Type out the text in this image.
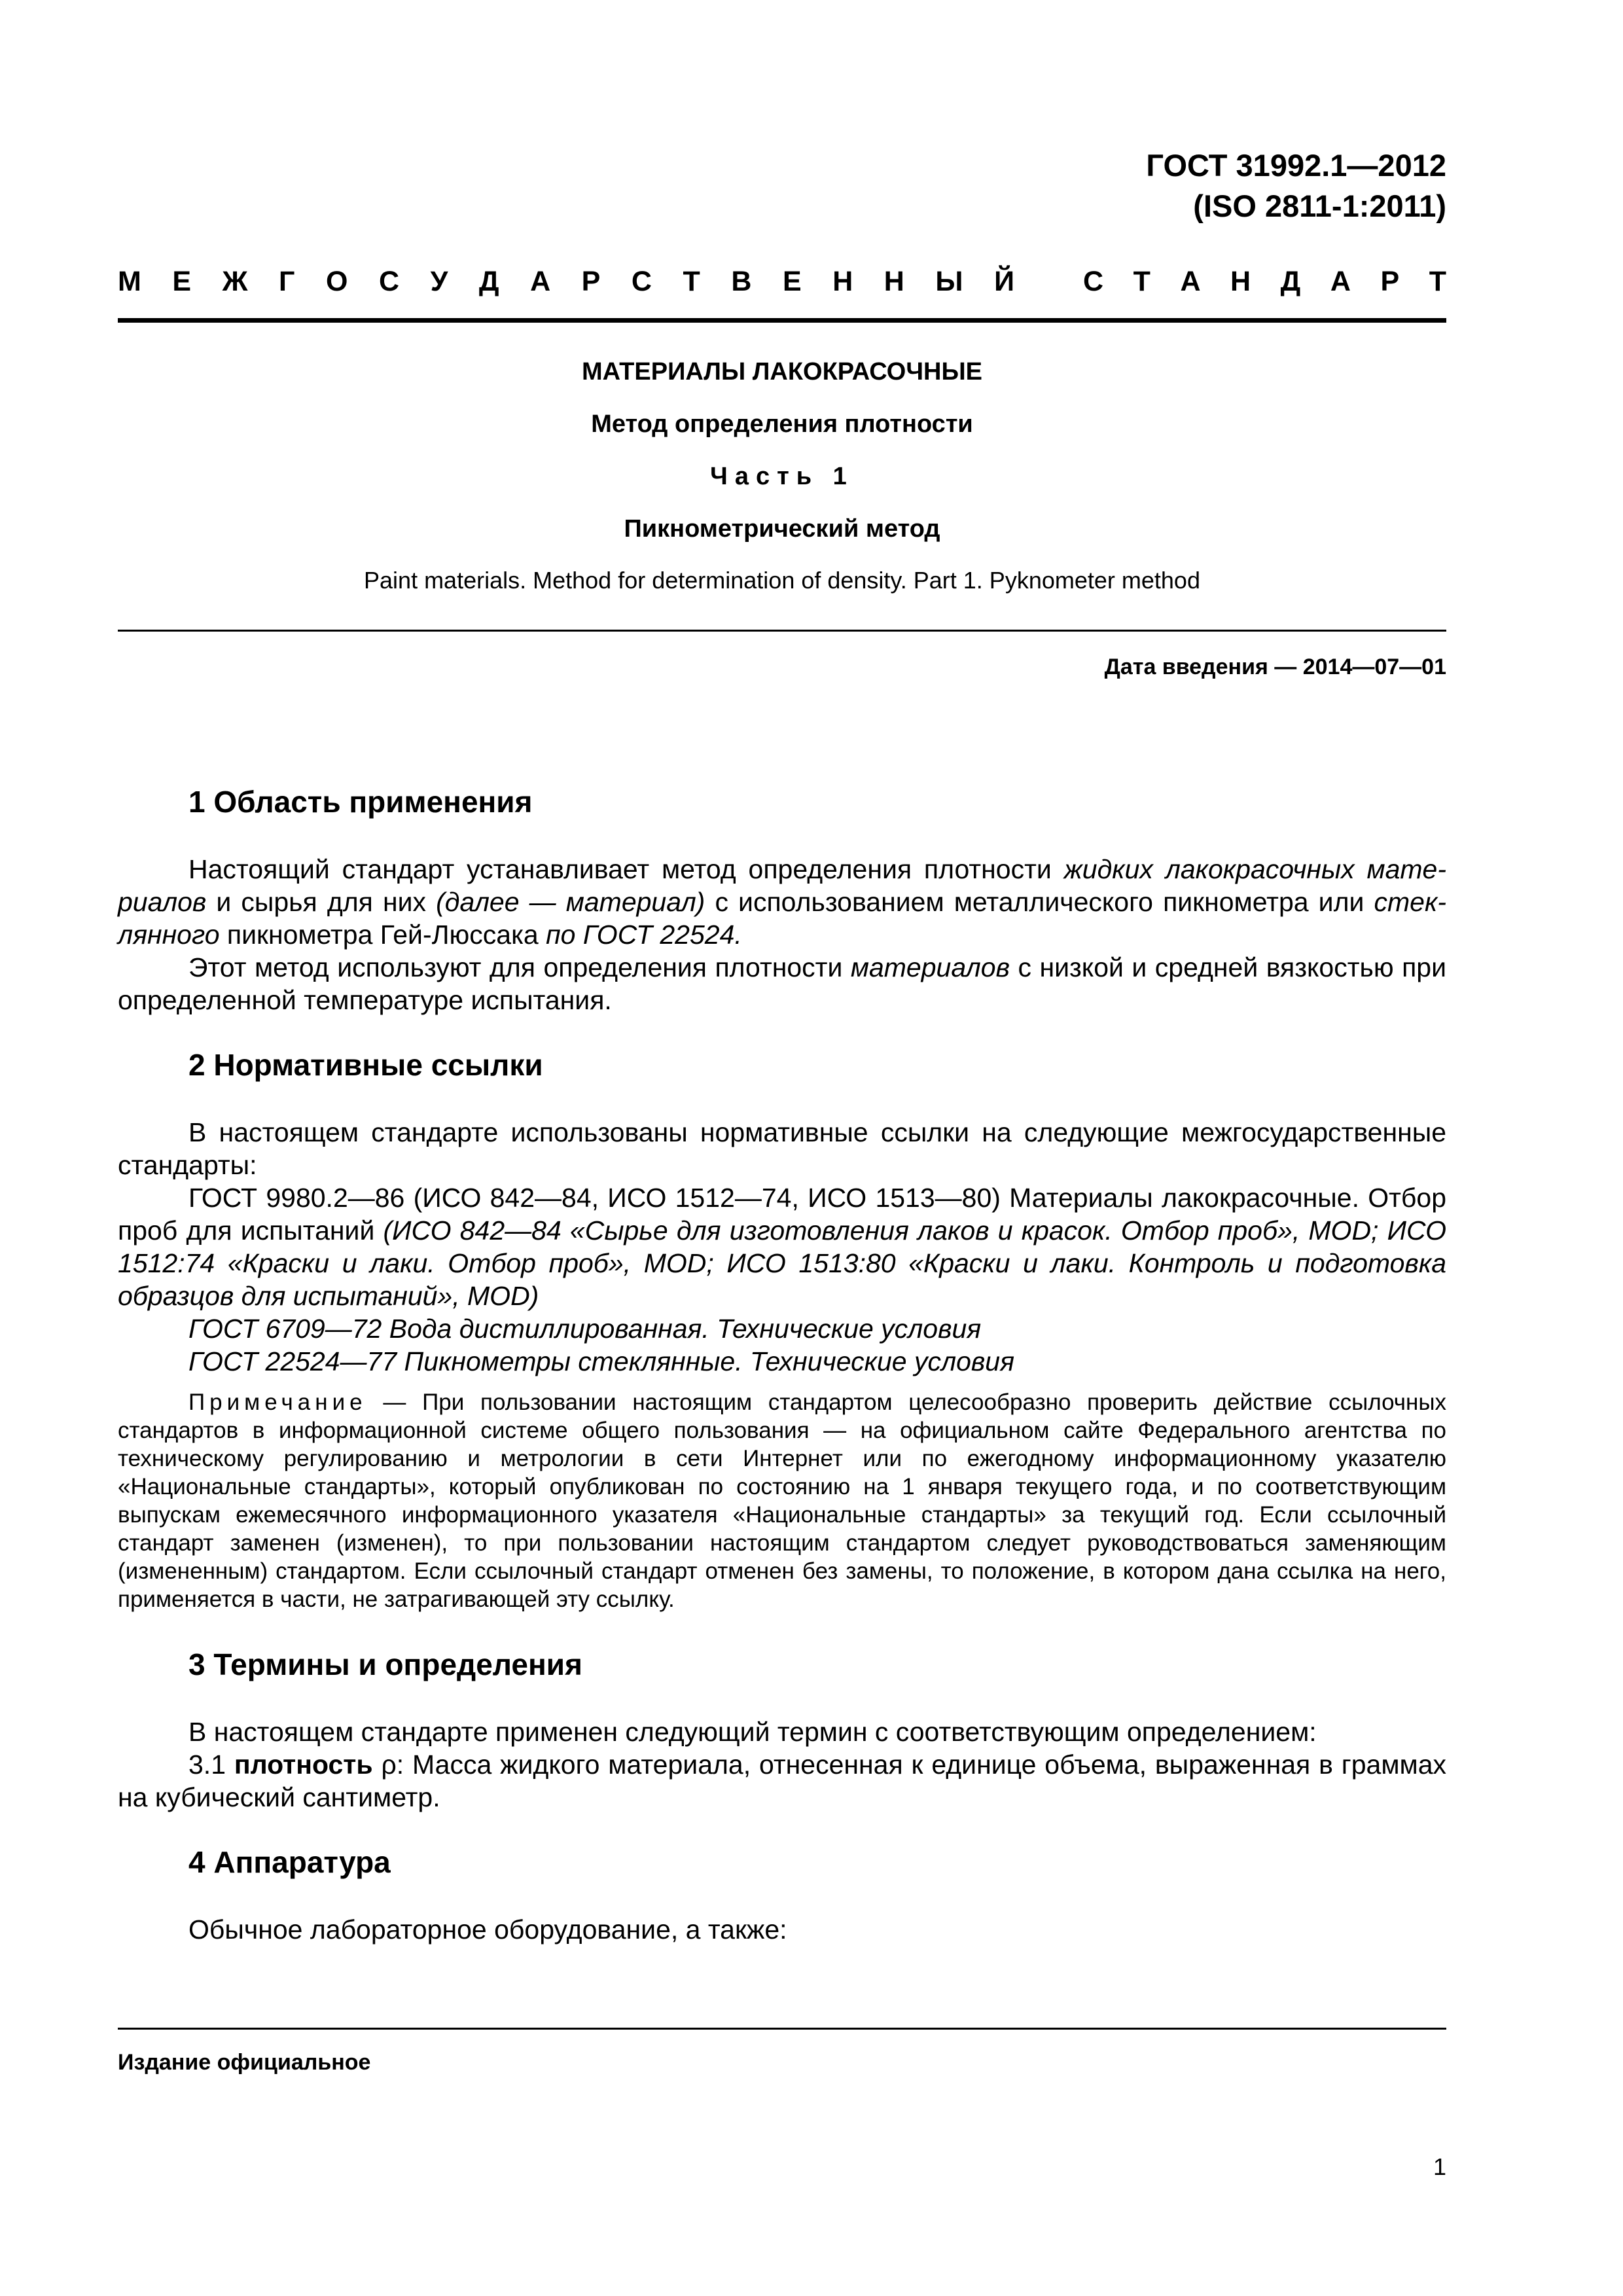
ГОСТ 31992.1—2012
(ISO 2811-1:2011)
М Е Ж Г О С У Д А Р С Т В Е Н Н Ы Й С Т А Н Д А Р Т
МАТЕРИАЛЫ ЛАКОКРАСОЧНЫЕ
Метод определения плотности
Часть 1
Пикнометрический метод
Paint materials. Method for determination of density. Part 1. Pyknometer method
Дата введения — 2014—07—01
1 Область применения

Настоящий стандарт устанавливает метод определения плотности жидких лакокрасочных мате-риалов и сырья для них (далее — материал) с использованием металлического пикнометра или стек-лянного пикнометра Гей-Люссака по ГОСТ 22524.

Этот метод используют для определения плотности материалов с низкой и средней вязкостью при определенной температуре испытания.

2 Нормативные ссылки

В настоящем стандарте использованы нормативные ссылки на следующие межгосударственные стандарты:

ГОСТ 9980.2—86 (ИСО 842—84, ИСО 1512—74, ИСО 1513—80) Материалы лакокрасочные. Отбор проб для испытаний (ИСО 842—84 «Сырье для изготовления лаков и красок. Отбор проб», MOD; ИСО 1512:74 «Краски и лаки. Отбор проб», MOD; ИСО 1513:80 «Краски и лаки. Контроль и подготовка образцов для испытаний», MOD)

ГОСТ 6709—72 Вода дистиллированная. Технические условия

ГОСТ 22524—77 Пикнометры стеклянные. Технические условия

Примечание — При пользовании настоящим стандартом целесообразно проверить действие ссылочных стандартов в информационной системе общего пользования — на официальном сайте Федерального агентства по техническому регулированию и метрологии в сети Интернет или по ежегодному информационному указателю «Национальные стандарты», который опубликован по состоянию на 1 января текущего года, и по соответствующим выпускам ежемесячного информационного указателя «Национальные стандарты» за текущий год. Если ссылочный стандарт заменен (изменен), то при пользовании настоящим стандартом следует руководствоваться заменяющим (измененным) стандартом. Если ссылочный стандарт отменен без замены, то положение, в котором дана ссылка на него, применяется в части, не затрагивающей эту ссылку.

3 Термины и определения

В настоящем стандарте применен следующий термин с соответствующим определением:

3.1 плотность ρ: Масса жидкого материала, отнесенная к единице объема, выраженная в граммах на кубический сантиметр.

4 Аппаратура

Обычное лабораторное оборудование, а также:

Издание официальное
1
